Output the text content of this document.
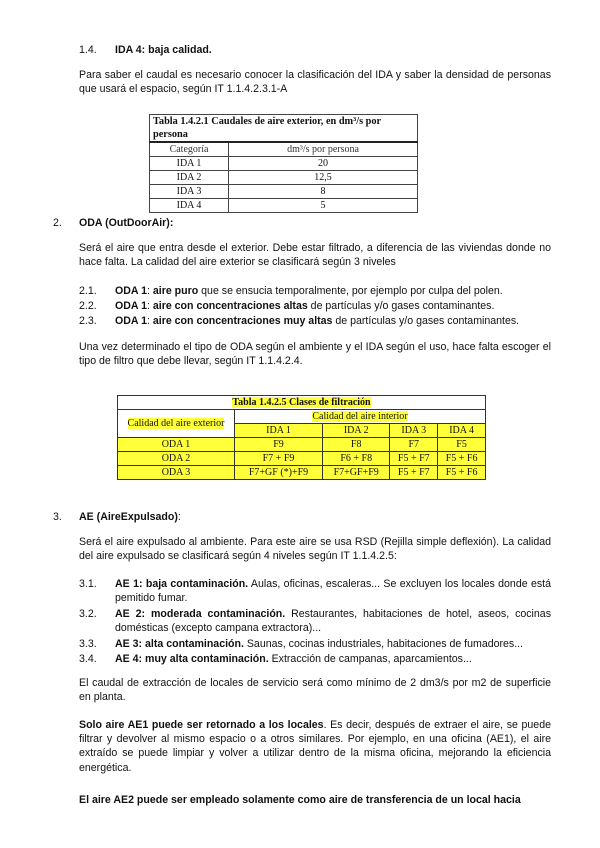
1.4. IDA 4: baja calidad.

Para saber el caudal es necesario conocer la clasificación del IDA y saber la densidad de personas que usará el espacio, según IT 1.1.4.2.3.1-A

Tabla 1.4.2.1 Caudales de aire exterior, en dm³/s por persona	
Categoría	dm³/s por persona
IDA 1	20
IDA 2	12,5
IDA 3	8
IDA 4	5
2. ODA (OutDoorAir):

Será el aire que entra desde el exterior. Debe estar filtrado, a diferencia de las viviendas donde no hace falta. La calidad del aire exterior se clasificará según 3 niveles

2.1. ODA 1: aire puro que se ensucia temporalmente, por ejemplo por culpa del polen.
2.2. ODA 1: aire con concentraciones altas de partículas y/o gases contaminantes.
2.3. ODA 1: aire con concentraciones muy altas de partículas y/o gases contaminantes.

Una vez determinado el tipo de ODA según el ambiente y el IDA según el uso, hace falta escoger el tipo de filtro que debe llevar, según IT 1.1.4.2.4.

Tabla 1.4.2.5 Clases de filtración				
Calidad del aire exterior	Calidad del aire interior			
	IDA 1	IDA 2	IDA 3	IDA 4
ODA 1	F9	F8	F7	F5
ODA 2	F7 + F9	F6 + F8	F5 + F7	F5 + F6
ODA 3	F7+GF (*)+F9	F7+GF+F9	F5 + F7	F5 + F6
3. AE (AireExpulsado):

Será el aire expulsado al ambiente. Para este aire se usa RSD (Rejilla simple deflexión). La calidad del aire expulsado se clasificará según 4 niveles según IT 1.1.4.2.5:

3.1. AE 1: baja contaminación. Aulas, oficinas, escaleras... Se excluyen los locales donde está pemitido fumar.

3.2. AE 2: moderada contaminación. Restaurantes, habitaciones de hotel, aseos, cocinas domésticas (excepto campana extractora)...

3.3. AE 3: alta contaminación. Saunas, cocinas industriales, habitaciones de fumadores...
3.4. AE 4: muy alta contaminación. Extracción de campanas, aparcamientos...

El caudal de extracción de locales de servicio será como mínimo de 2 dm3/s por m2 de superficie en planta.

Solo aire AE1 puede ser retornado a los locales. Es decir, después de extraer el aire, se puede filtrar y devolver al mismo espacio o a otros similares. Por ejemplo, en una oficina (AE1), el aire extraído se puede limpiar y volver a utilizar dentro de la misma oficina, mejorando la eficiencia energética.

El aire AE2 puede ser empleado solamente como aire de transferencia de un local hacia
